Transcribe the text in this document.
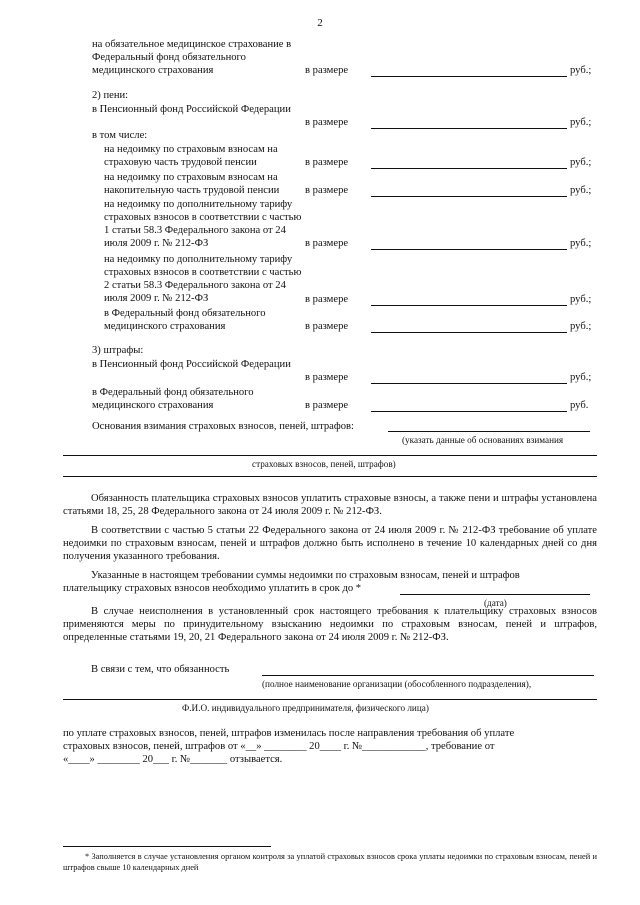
2
на обязательное медицинское страхование в Федеральный фонд обязательного медицинского страхования	в размере	руб.;
2) пени:
в Пенсионный фонд Российской Федерации
в размере	руб.;
в том числе:
на недоимку по страховым взносам на страховую часть трудовой пенсии	в размере	руб.;
на недоимку по страховым взносам на накопительную часть трудовой пенсии	в размере	руб.;
на недоимку по дополнительному тарифу страховых взносов в соответствии с частью 1 статьи 58.3 Федерального закона от 24 июля 2009 г. № 212-ФЗ	в размере	руб.;
на недоимку по дополнительному тарифу страховых взносов в соответствии с частью 2 статьи 58.3 Федерального закона от 24 июля 2009 г. № 212-ФЗ	в размере	руб.;
в Федеральный фонд обязательного медицинского страхования	в размере	руб.;
3) штрафы:
в Пенсионный фонд Российской Федерации
в размере	руб.;
в Федеральный фонд обязательного медицинского страхования	в размере	руб.
Основания взимания страховых взносов, пеней, штрафов:
(указать данные об основаниях взимания
страховых взносов, пеней, штрафов)
Обязанность плательщика страховых взносов уплатить страховые взносы, а также пени и штрафы установлена статьями 18, 25, 28 Федерального закона от 24 июля 2009 г. № 212-ФЗ.
В соответствии с частью 5 статьи 22 Федерального закона от 24 июля 2009 г. № 212-ФЗ требование об уплате недоимки по страховым взносам, пеней и штрафов должно быть исполнено в течение 10 календарных дней со дня получения указанного требования.
Указанные в настоящем требовании суммы недоимки по страховым взносам, пеней и штрафов
плательщику страховых взносов необходимо уплатить в срок до *
(дата)
В случае неисполнения в установленный срок настоящего требования к плательщику страховых взносов применяются меры по принудительному взысканию недоимки по страховым взносам, пеней и штрафов, определенные статьями 19, 20, 21 Федерального закона от 24 июля 2009 г. № 212-ФЗ.
В связи с тем, что обязанность
(полное наименование организации (обособленного подразделения),
Ф.И.О. индивидуального предпринимателя, физического лица)
по уплате страховых взносов, пеней, штрафов изменилась после направления требования об уплате
страховых взносов, пеней, штрафов от «__» ________ 20____ г. №____________, требование от
«____» ________ 20___ г. №_______ отзывается.
* Заполняется в случае установления органом контроля за уплатой страховых взносов срока уплаты недоимки по страховым взносам, пеней и штрафов свыше 10 календарных дней
